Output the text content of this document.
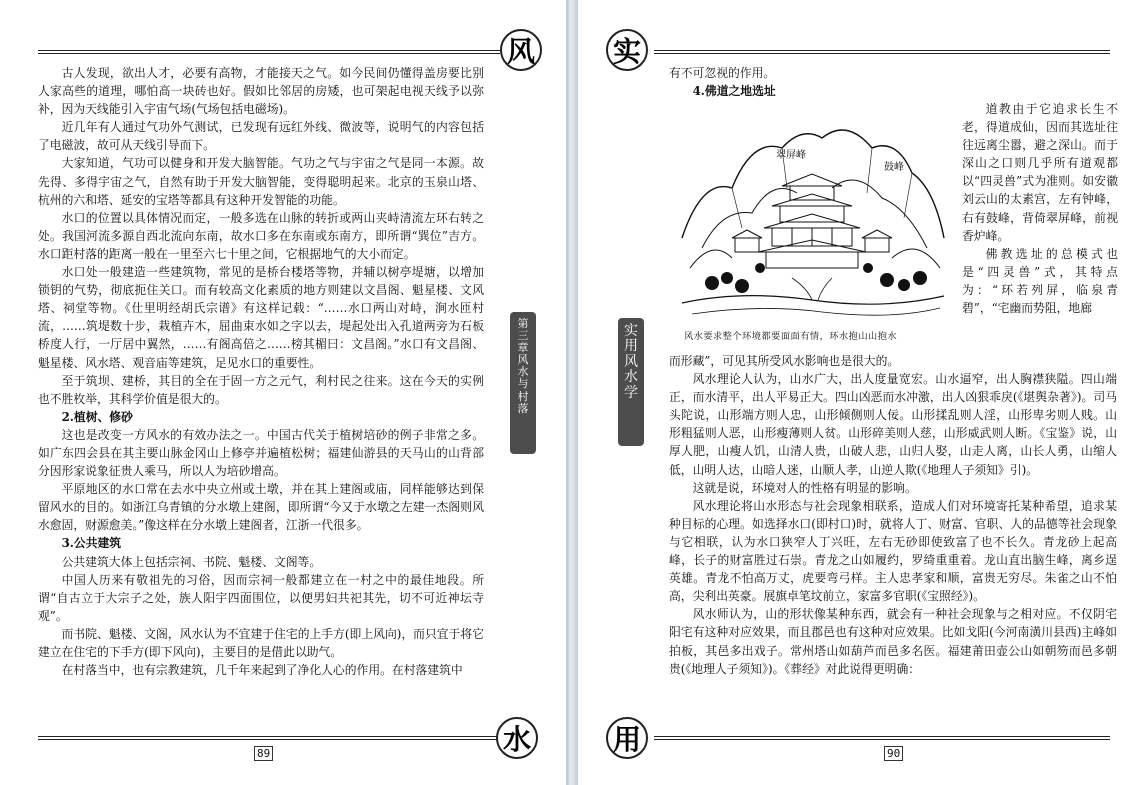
风

古人发现，欲出人才，必要有高物，才能接天之气。如今民间仍懂得盖房要比别人家高些的道理，哪怕高一块砖也好。假如比邻居的房矮，也可架起电视天线予以弥补，因为天线能引入宇宙气场(气场包括电磁场)。

近几年有人通过气功外气测试，已发现有远红外线、微波等，说明气的内容包括了电磁波，故可从天线引导而下。

大家知道，气功可以健身和开发大脑智能。气功之气与宇宙之气是同一本源。故先得、多得宇宙之气，自然有助于开发大脑智能，变得聪明起来。北京的玉泉山塔、杭州的六和塔、延安的宝塔等都具有这种开发智能的功能。

水口的位置以具体情况而定，一般多选在山脉的转折或两山夹峙清流左环右转之处。我国河流多源自西北流向东南，故水口多在东南或东南方，即所谓“巽位”吉方。水口距村落的距离一般在一里至六七十里之间，它根据地气的大小而定。

水口处一般建造一些建筑物，常见的是桥台楼塔等物，并辅以树亭堤塘，以增加锁钥的气势，彻底扼住关口。而有较高文化素质的地方则建以文昌阁、魁星楼、文风塔、祠堂等物。《仕里明经胡氏宗谱》有这样记载：“……水口两山对峙，涧水匝村流，……筑堤数十步，栽植卉木，屈曲束水如之字以去，堤起处出入孔道两旁为石板桥度人行，一厅居中翼然，……有阁高倍之……榜其楣曰：文昌阁。”水口有文昌阁、魁星楼、风水塔、观音庙等建筑，足见水口的重要性。

至于筑坝、建桥，其目的全在于固一方之元气，利村民之往来。这在今天的实例也不胜枚举，其科学价值是很大的。

2.植树、修砂

这也是改变一方风水的有效办法之一。中国古代关于植树培砂的例子非常之多。如广东四会县在其主要山脉金冈山上修亭并遍植松树；福建仙游县的天马山的山背部分因形家说象征贵人乘马，所以人为培砂增高。

平原地区的水口常在去水中央立州或土墩，并在其上建阁或庙，同样能够达到保留风水的目的。如浙江乌青镇的分水墩上建阁，即所谓“今又于水墩之左建一杰阁则风水愈固，财源愈美。”像这样在分水墩上建阁者，江浙一代很多。

3.公共建筑

公共建筑大体上包括宗祠、书院、魁楼、文阁等。

中国人历来有敬祖先的习俗，因而宗祠一般都建立在一村之中的最佳地段。所谓“自古立于大宗子之处，族人阳宇四面围位，以便男妇共祀其先，切不可近神坛寺观”。

而书院、魁楼、文阁，风水认为不宜建于住宅的上手方(即上风向)，而只宜于将它建立在住宅的下手方(即下风向)，主要目的是借此以助气。

在村落当中，也有宗教建筑，几千年来起到了净化人心的作用。在村落建筑中

第
三
章
风
水
与
村
落
水
89
实
实
用
风
水
学

有不可忽视的作用。

4.佛道之地选址
翠屏峰
鼓峰
风水要求整个环境都要面面有情，环水抱山山抱水

道教由于它追求长生不老，得道成仙，因而其选址往往远离尘嚣，避之深山。而于深山之口则几乎所有道观都以“四灵兽”式为准则。如安徽刘云山的太素宫，左有钟峰，右有鼓峰，背倚翠屏峰，前视香炉峰。

佛教选址的总模式也是“四灵兽”式，其特点为：“环若列屏，临泉青碧”，“宅幽而势阻，地廊

而形藏”，可见其所受风水影响也是很大的。

风水理论人认为，山水广大，出人度量宽宏。山水逼窄，出人胸襟狭隘。四山端正，而水清平，出人平易正大。四山凶恶而水冲激，出人凶狠乖戾(《堪舆杂著》)。司马头陀说，山形端方则人忠，山形倾侧则人佞。山形揉乱则人淫，山形卑劣则人贱。山形粗猛则人恶，山形瘦薄则人贫。山形碎美则人慈，山形威武则人断。《宝鉴》说，山厚人肥，山瘦人饥，山清人贵，山破人悲，山归人娶，山走人离，山长人勇，山缩人低，山明人达，山暗人迷，山顺人孝，山逆人欺(《地理人子须知》引)。

这就是说，环境对人的性格有明显的影响。

风水理论将山水形态与社会现象相联系，造成人们对环境寄托某种希望，追求某种目标的心理。如选择水口(即村口)时，就将人丁、财富、官职、人的品德等社会现象与它相联，认为水口狭窄人丁兴旺，左右无砂即使致富了也不长久。青龙砂上起高峰，长子的财富胜过石崇。青龙之山如履约，罗绮重重着。龙山直出脑生峰，离乡逞英雄。青龙不怕高万丈，虎要弯弓样。主人忠孝家和顺，富贵无穷尽。朱雀之山不怕高，尖利出英豪。展旗卓笔坟前立，家富多官职(《宝照经》)。

风水师认为，山的形状像某种东西，就会有一种社会现象与之相对应。不仅阴宅阳宅有这种对应效果，而且郡邑也有这种对应效果。比如戈阳(今河南潢川县西)主峰如拍板，其邑多出戏子。常州塔山如葫芦而邑多名医。福建莆田壶公山如朝笏而邑多朝贵(《地理人子须知》)。《葬经》对此说得更明确：

用	90
